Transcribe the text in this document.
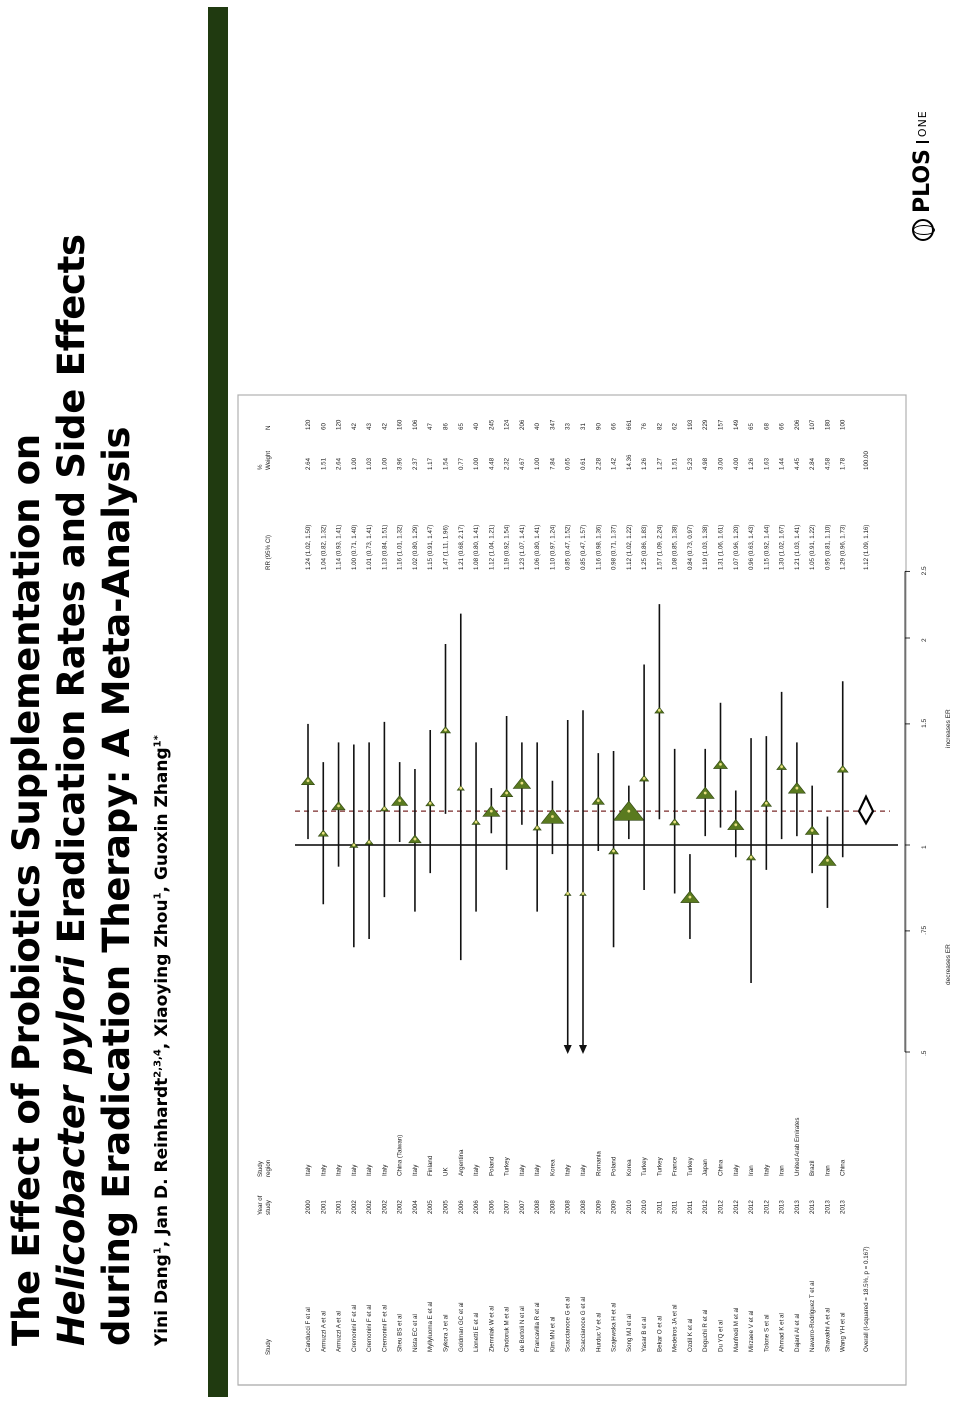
The Effect of Probiotics Supplementation on Helicobacter pylori Eradication Rates and Side Effects during Eradication Therapy: A Meta-Analysis Yini Dang$^1$, Jan D. Reinhardt$^{2,3,4}$, Xiaoying Zhou$^1$, Guoxin Zhang$^{1*}$
PLOS
ONE
Study
Year of study
Study region
RR (95% CI)
% Weight
N
.5
.75
1
1.5
2
2.5
decreases ER
increases ER
Canducci F et al
2000
Italy
1.24 (1.02, 1.50)
2.64
120
Armuzzi A et al
2001
Italy
1.04 (0.82, 1.32)
1.51
60
Armuzzi A et al
2001
Italy
1.14 (0.93, 1.41)
2.64
120
Cremonini F et al
2002
Italy
1.00 (0.71, 1.40)
1.00
42
Cremonini F et al
2002
Italy
1.01 (0.73, 1.41)
1.03
43
Cremonini F et al
2002
Italy
1.13 (0.84, 1.51)
1.00
42
Sheu BS et al
2002
China (Taiwan)
1.16 (1.01, 1.32)
3.96
160
Nista EC et al
2004
Italy
1.02 (0.80, 1.29)
2.37
106
Myllyluoma E et al
2005
Finland
1.15 (0.91, 1.47)
1.17
47
Sykora J et al
2005
UK
1.47 (1.11, 1.96)
1.54
86
Goldman GC et al
2006
Argentina
1.21 (0.68, 2.17)
0.77
65
Lionetti E et al
2006
Italy
1.08 (0.80, 1.41)
1.00
40
Ziemniak W et al
2006
Poland
1.12 (1.04, 1.21)
4.48
245
Cindoruk M et al
2007
Turkey
1.19 (0.92, 1.54)
2.32
124
de Bortoli N et al
2007
Italy
1.23 (1.07, 1.41)
4.67
206
Francavilla R et al
2008
Italy
1.06 (0.80, 1.41)
1.00
40
Kim MN et al
2008
Korea
1.10 (0.97, 1.24)
7.84
347
Scaccianoce G et al
2008
Italy
0.85 (0.47, 1.52)
0.65
33
Scaccianoce G et al
2008
Italy
0.85 (0.47, 1.57)
0.61
31
Hurduc V et al
2009
Romania
1.16 (0.98, 1.36)
2.28
90
Szajewska H et al
2009
Poland
0.98 (0.71, 1.37)
1.42
66
Song MJ et al
2010
Korea
1.12 (1.02, 1.22)
14.36
661
Yasar B et al
2010
Turkey
1.25 (0.86, 1.83)
1.26
76
Bekar O et al
2011
Turkey
1.57 (1.09, 2.24)
1.27
82
Medeiros JA et al
2011
France
1.08 (0.85, 1.38)
1.51
62
Ozdil K et al
2011
Turkey
0.84 (0.73, 0.97)
5.23
193
Deguchi R et al
2012
Japan
1.19 (1.03, 1.38)
4.98
229
Du YQ et al
2012
China
1.31 (1.06, 1.61)
3.00
157
Manfredi M et al
2012
Italy
1.07 (0.96, 1.20)
4.00
149
Mirzaee V et al
2012
Iran
0.96 (0.63, 1.43)
1.26
65
Tolone S et al
2012
Italy
1.15 (0.92, 1.44)
1.63
68
Ahmad K et al
2013
Iran
1.30 (1.02, 1.67)
1.44
66
Dajani AI et al
2013
United Arab Emirates
1.21 (1.03, 1.41)
4.45
206
Navarro-Rodriguez T et al
2013
Brazil
1.05 (0.91, 1.22)
2.84
107
Shavakhi A et al
2013
Iran
0.95 (0.81, 1.10)
4.58
180
Wang YH et al
2013
China
1.29 (0.96, 1.73)
1.78
100
Overall (I-squared = 18.5%, p = 0.167)
1.12 (1.09, 1.16)
100.00
